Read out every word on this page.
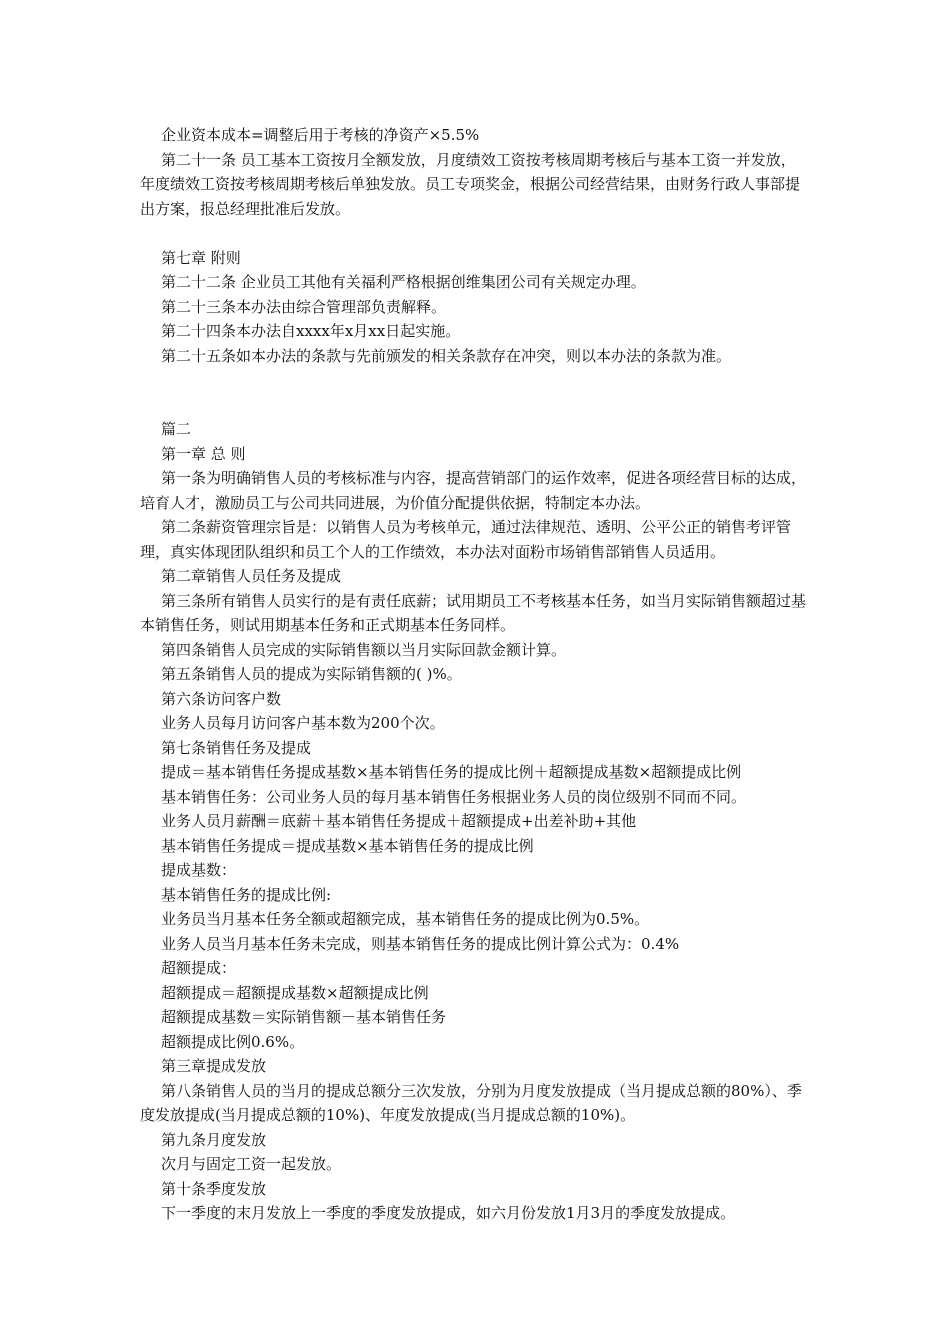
企业资本成本=调整后用于考核的净资产×5.5%

第二十一条 员工基本工资按月全额发放，月度绩效工资按考核周期考核后与基本工资一并发放，年度绩效工资按考核周期考核后单独发放。员工专项奖金，根据公司经营结果，由财务行政人事部提出方案，报总经理批准后发放。

第七章 附则

第二十二条 企业员工其他有关福利严格根据创维集团公司有关规定办理。

第二十三条本办法由综合管理部负责解释。

第二十四条本办法自xxxx年x月xx日起实施。

第二十五条如本办法的条款与先前颁发的相关条款存在冲突，则以本办法的条款为准。

篇二

第一章 总 则

第一条为明确销售人员的考核标准与内容，提高营销部门的运作效率，促进各项经营目标的达成，培育人才，激励员工与公司共同进展，为价值分配提供依据，特制定本办法。

第二条薪资管理宗旨是：以销售人员为考核单元，通过法律规范、透明、公平公正的销售考评管理，真实体现团队组织和员工个人的工作绩效，本办法对面粉市场销售部销售人员适用。

第二章销售人员任务及提成

第三条所有销售人员实行的是有责任底薪；试用期员工不考核基本任务，如当月实际销售额超过基本销售任务，则试用期基本任务和正式期基本任务同样。

第四条销售人员完成的实际销售额以当月实际回款金额计算。

第五条销售人员的提成为实际销售额的( )%。

第六条访问客户数

业务人员每月访问客户基本数为200个次。

第七条销售任务及提成

提成＝基本销售任务提成基数×基本销售任务的提成比例＋超额提成基数×超额提成比例

基本销售任务：公司业务人员的每月基本销售任务根据业务人员的岗位级别不同而不同。

业务人员月薪酬＝底薪＋基本销售任务提成＋超额提成+出差补助+其他

基本销售任务提成＝提成基数×基本销售任务的提成比例

提成基数：

基本销售任务的提成比例:

业务员当月基本任务全额或超额完成，基本销售任务的提成比例为0.5%。

业务人员当月基本任务未完成，则基本销售任务的提成比例计算公式为：0.4%

超额提成：

超额提成＝超额提成基数×超额提成比例

超额提成基数＝实际销售额－基本销售任务

超额提成比例0.6%。

第三章提成发放

第八条销售人员的当月的提成总额分三次发放，分别为月度发放提成（当月提成总额的80%）、季度发放提成(当月提成总额的10%)、年度发放提成(当月提成总额的10%)。

第九条月度发放

次月与固定工资一起发放。

第十条季度发放

下一季度的末月发放上一季度的季度发放提成，如六月份发放1月3月的季度发放提成。
